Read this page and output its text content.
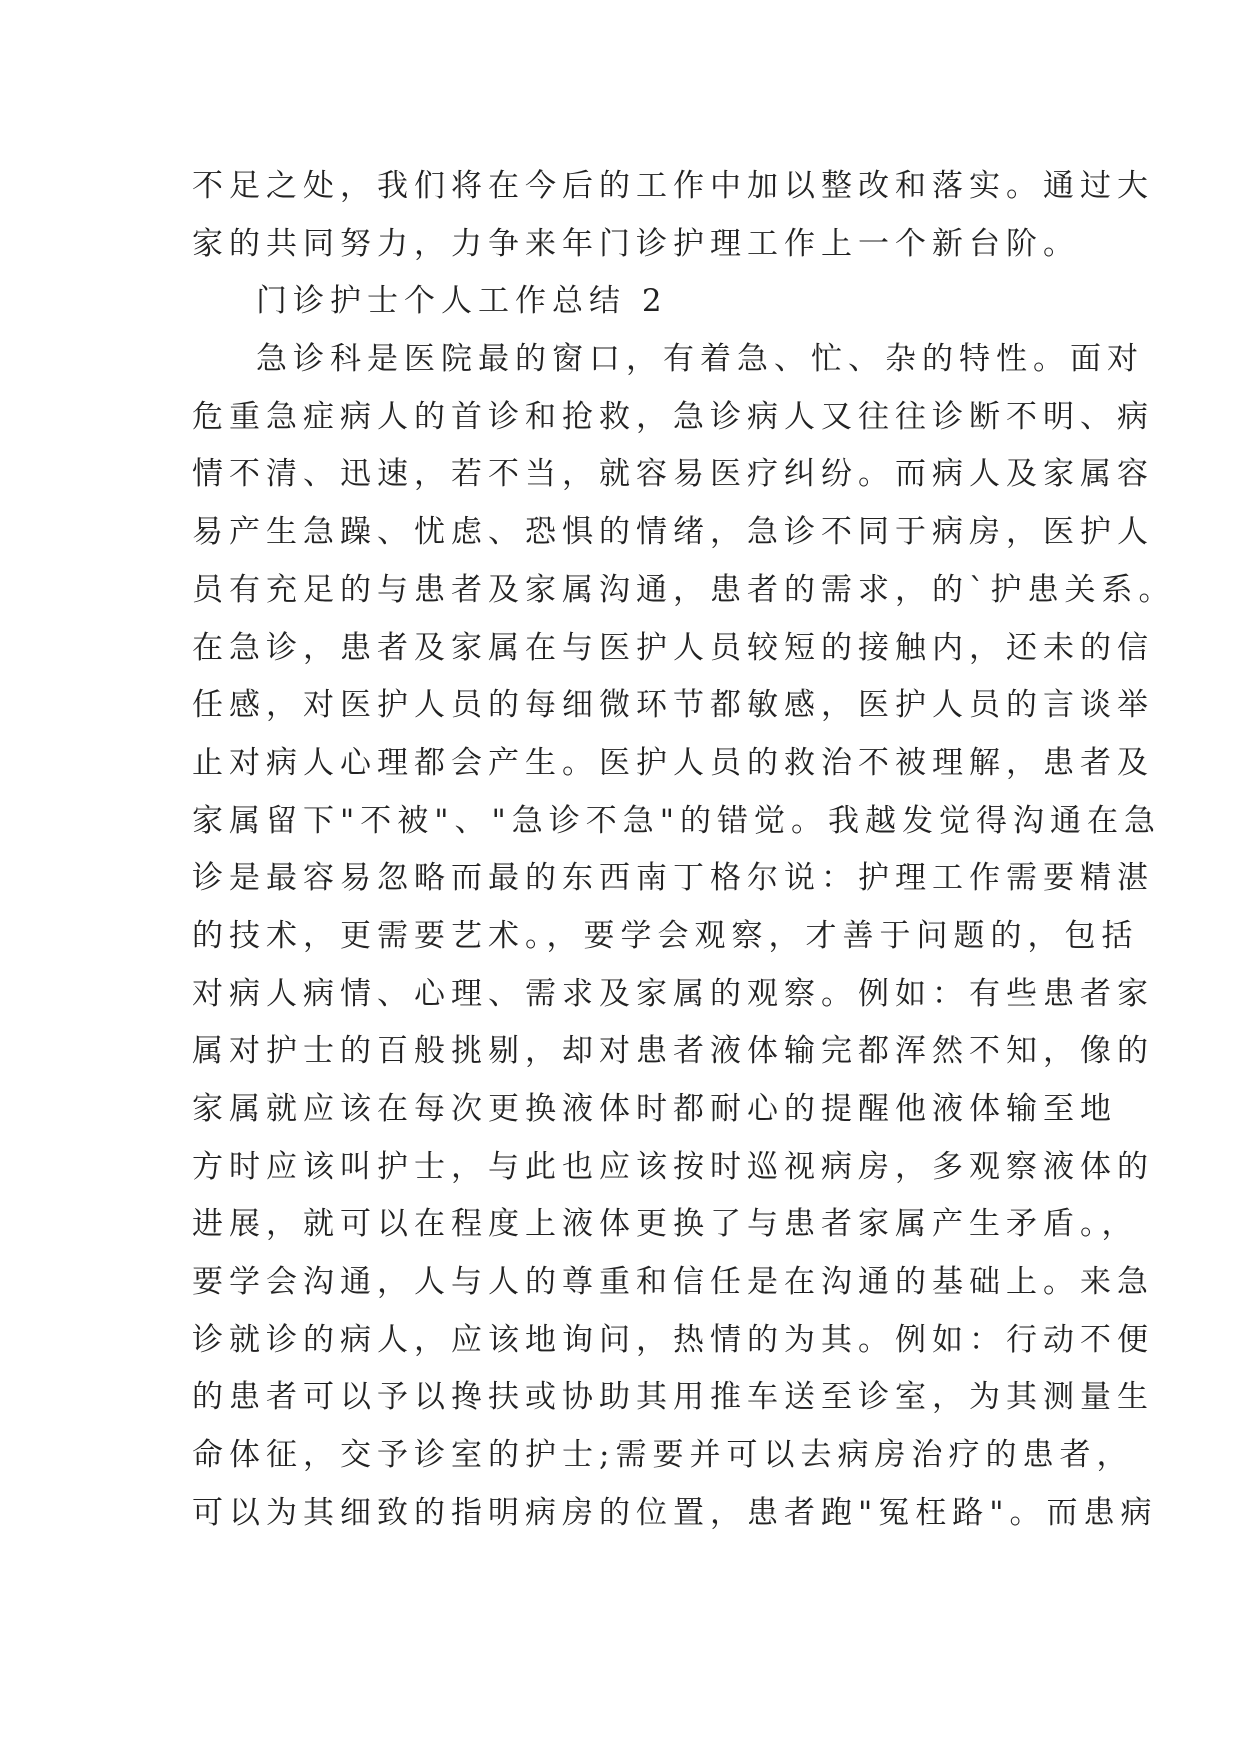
不足之处，我们将在今后的工作中加以整改和落实。通过大
家的共同努力，力争来年门诊护理工作上一个新台阶。
门诊护士个人工作总结 2
急诊科是医院最的窗口，有着急、忙、杂的特性。面对
危重急症病人的首诊和抢救，急诊病人又往往诊断不明、病
情不清、迅速，若不当，就容易医疗纠纷。而病人及家属容
易产生急躁、忧虑、恐惧的情绪，急诊不同于病房，医护人
员有充足的与患者及家属沟通，患者的需求，的`护患关系。
在急诊，患者及家属在与医护人员较短的接触内，还未的信
任感，对医护人员的每细微环节都敏感，医护人员的言谈举
止对病人心理都会产生。医护人员的救治不被理解，患者及
家属留下"不被"、"急诊不急"的错觉。我越发觉得沟通在急
诊是最容易忽略而最的东西南丁格尔说：护理工作需要精湛
的技术，更需要艺术。，要学会观察，才善于问题的，包括
对病人病情、心理、需求及家属的观察。例如：有些患者家
属对护士的百般挑剔，却对患者液体输完都浑然不知，像的
家属就应该在每次更换液体时都耐心的提醒他液体输至地
方时应该叫护士，与此也应该按时巡视病房，多观察液体的
进展，就可以在程度上液体更换了与患者家属产生矛盾。，
要学会沟通，人与人的尊重和信任是在沟通的基础上。来急
诊就诊的病人，应该地询问，热情的为其。例如：行动不便
的患者可以予以搀扶或协助其用推车送至诊室，为其测量生
命体征，交予诊室的护士;需要并可以去病房治疗的患者，
可以为其细致的指明病房的位置，患者跑"冤枉路"。而患病
